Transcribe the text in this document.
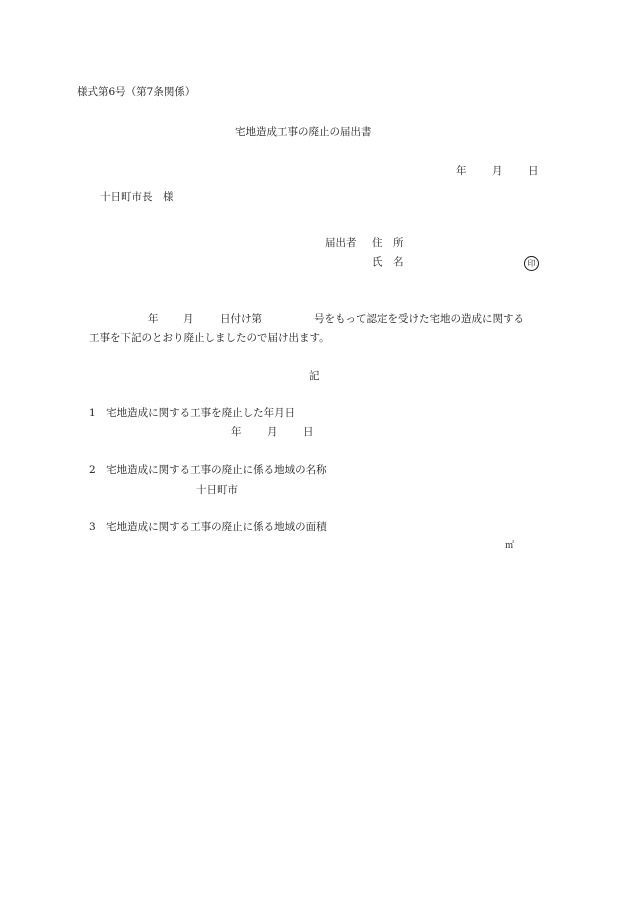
様式第6号（第7条関係）
宅地造成工事の廃止の届出書
年 月 日
十日町市長　様
届出者 住　所
氏　名	印
年 月	日付け第	号をもって認定を受けた宅地の造成に関する
工事を下記のとおり廃止しましたので届け出ます。
記
1　宅地造成に関する工事を廃止した年月日
年 月 日
2　宅地造成に関する工事の廃止に係る地域の名称
十日町市
3　宅地造成に関する工事の廃止に係る地域の面積
㎡
